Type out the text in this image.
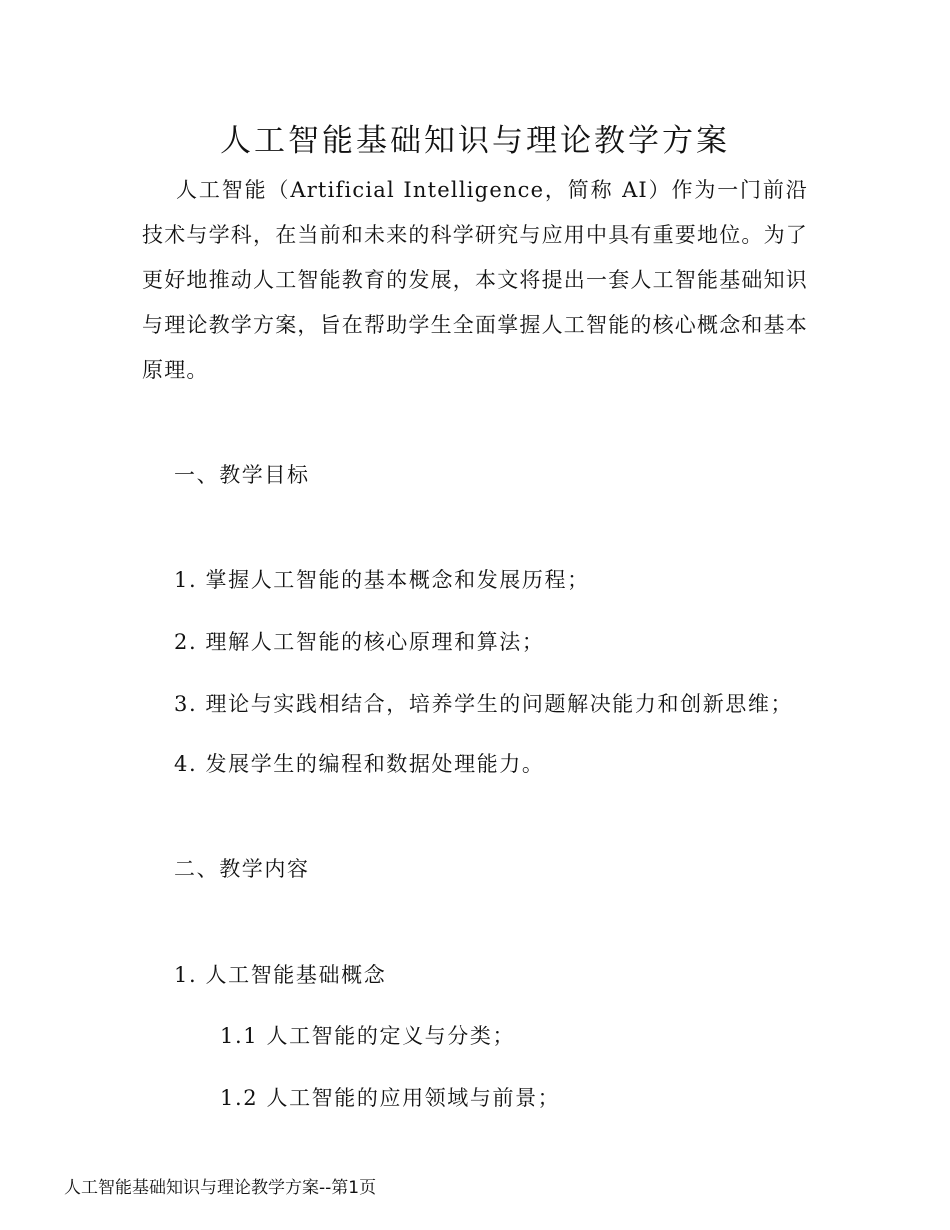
人工智能基础知识与理论教学方案

人工智能（Artificial Intelligence，简称 AI）作为一门前沿技术与学科，在当前和未来的科学研究与应用中具有重要地位。为了更好地推动人工智能教育的发展，本文将提出一套人工智能基础知识与理论教学方案，旨在帮助学生全面掌握人工智能的核心概念和基本原理。

一、教学目标
1. 掌握人工智能的基本概念和发展历程；
2. 理解人工智能的核心原理和算法；
3. 理论与实践相结合，培养学生的问题解决能力和创新思维；
4. 发展学生的编程和数据处理能力。
二、教学内容
1. 人工智能基础概念
1.1 人工智能的定义与分类；
1.2 人工智能的应用领域与前景；
人工智能基础知识与理论教学方案--第1页
